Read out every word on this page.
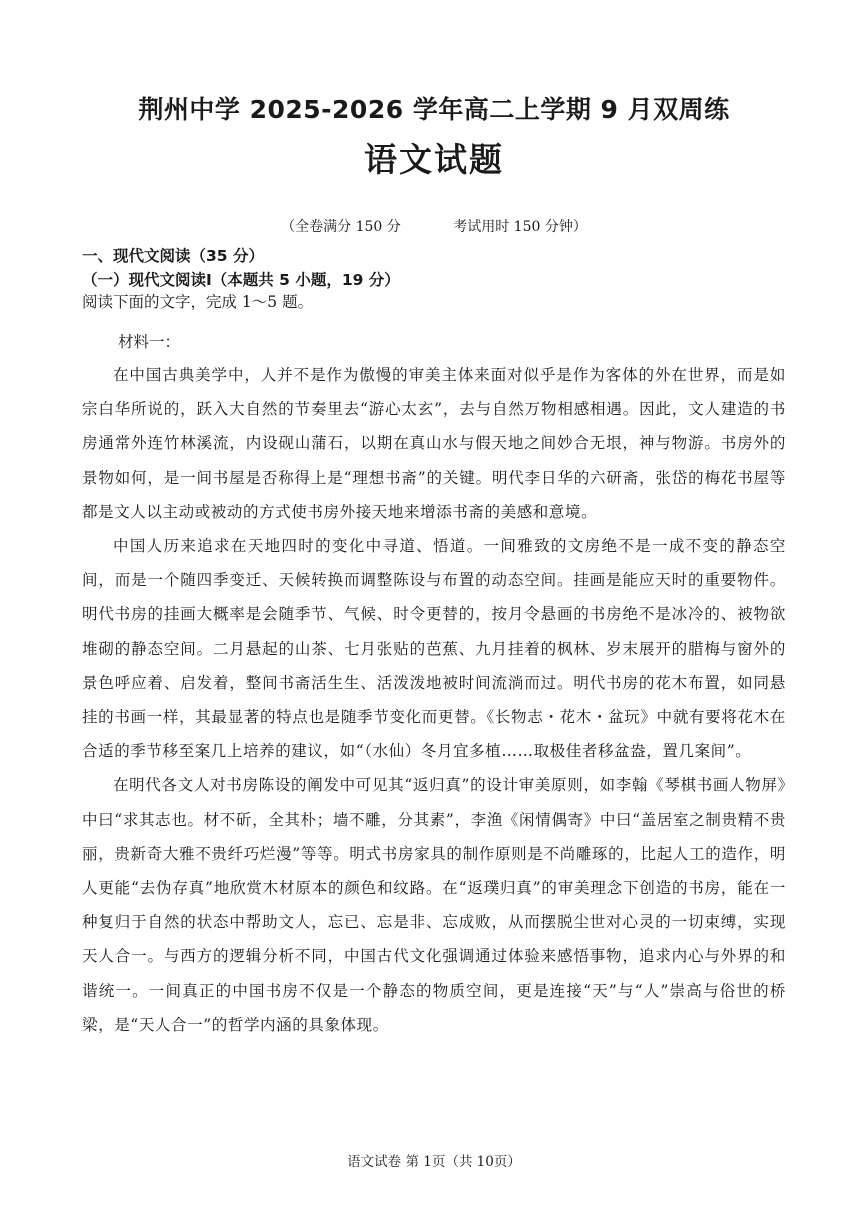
荆州中学 2025-2026 学年高二上学期 9 月双周练
语文试题
（全卷满分 150 分	考试用时 150 分钟）
一、现代文阅读（35 分）
（一）现代文阅读Ⅰ（本题共 5 小题，19 分）
阅读下面的文字，完成 1～5 题。
材料一：

在中国古典美学中，人并不是作为傲慢的审美主体来面对似乎是作为客体的外在世界，而是如宗白华所说的，跃入大自然的节奏里去“游心太玄”，去与自然万物相感相遇。因此，文人建造的书房通常外连竹林溪流，内设砚山蒲石，以期在真山水与假天地之间妙合无垠，神与物游。书房外的景物如何，是一间书屋是否称得上是“理想书斋”的关键。明代李日华的六研斋，张岱的梅花书屋等都是文人以主动或被动的方式使书房外接天地来增添书斋的美感和意境。

中国人历来追求在天地四时的变化中寻道、悟道。一间雅致的文房绝不是一成不变的静态空间，而是一个随四季变迁、天候转换而调整陈设与布置的动态空间。挂画是能应天时的重要物件。明代书房的挂画大概率是会随季节、气候、时令更替的，按月令悬画的书房绝不是冰冷的、被物欲堆砌的静态空间。二月悬起的山茶、七月张贴的芭蕉、九月挂着的枫林、岁末展开的腊梅与窗外的景色呼应着、启发着，整间书斋活生生、活泼泼地被时间流淌而过。明代书房的花木布置，如同悬挂的书画一样，其最显著的特点也是随季节变化而更替。《长物志・花木・盆玩》中就有要将花木在合适的季节移至案几上培养的建议，如“（水仙）冬月宜多植……取极佳者移盆盎，置几案间”。

在明代各文人对书房陈设的阐发中可见其“返归真”的设计审美原则，如李翰《琴棋书画人物屏》中曰“求其志也。材不斫，全其朴；墙不雕，分其素”，李渔《闲情偶寄》中曰“盖居室之制贵精不贵丽，贵新奇大雅不贵纤巧烂漫”等等。明式书房家具的制作原则是不尚雕琢的，比起人工的造作，明人更能“去伪存真”地欣赏木材原本的颜色和纹路。在“返璞归真”的审美理念下创造的书房，能在一种复归于自然的状态中帮助文人，忘已、忘是非、忘成败，从而摆脱尘世对心灵的一切束缚，实现天人合一。与西方的逻辑分析不同，中国古代文化强调通过体验来感悟事物，追求内心与外界的和谐统一。一间真正的中国书房不仅是一个静态的物质空间，更是连接“天”与“人”崇高与俗世的桥梁，是“天人合一”的哲学内涵的具象体现。

语文试卷 第 1页（共 10页）
